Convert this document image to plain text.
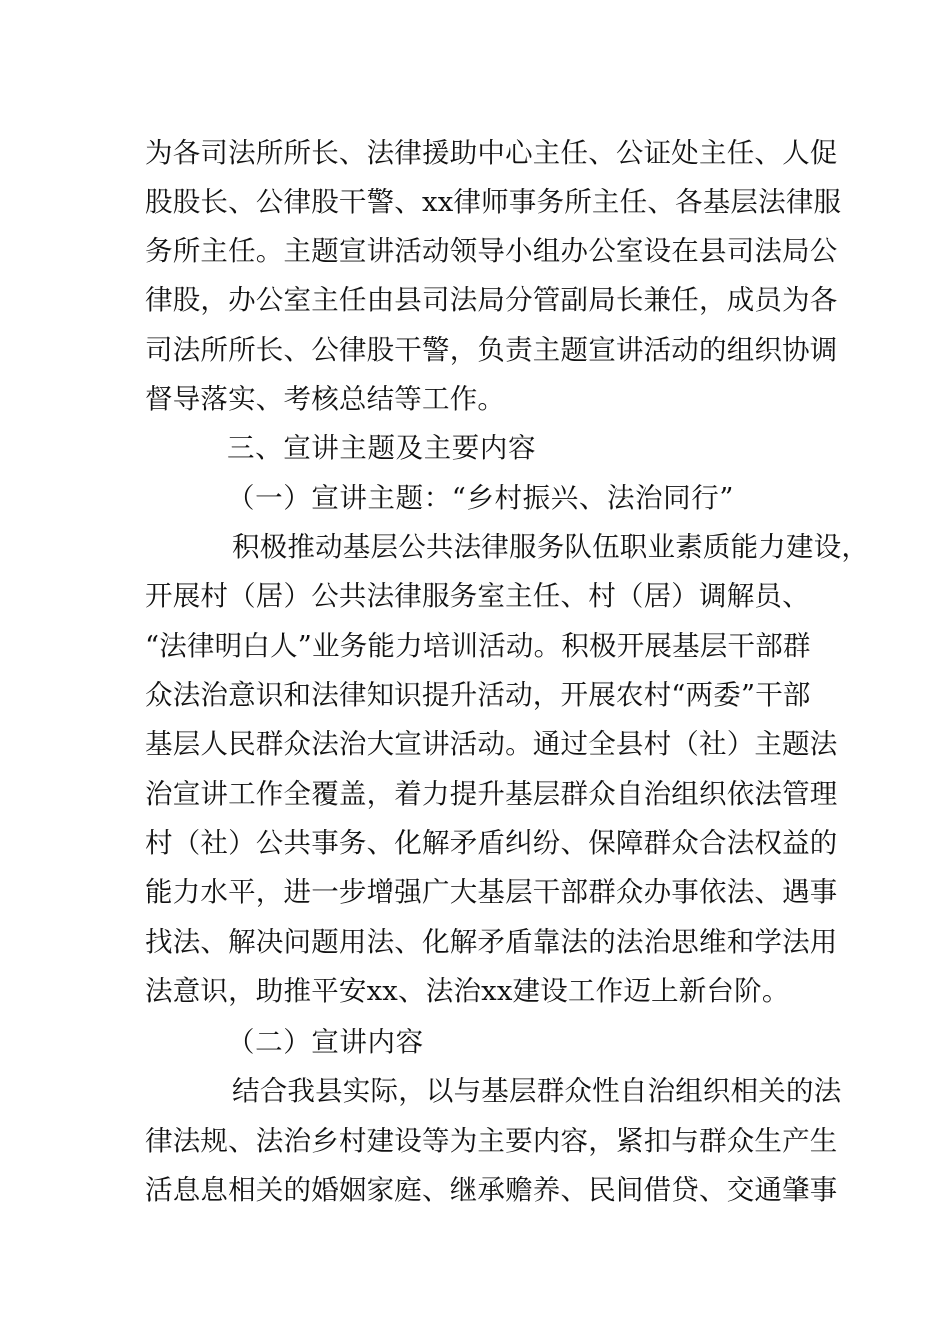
为各司法所所长、法律援助中心主任、公证处主任、人促
股股长、公律股干警、xx律师事务所主任、各基层法律服
务所主任。主题宣讲活动领导小组办公室设在县司法局公
律股，办公室主任由县司法局分管副局长兼任，成员为各
司法所所长、公律股干警，负责主题宣讲活动的组织协调
督导落实、考核总结等工作。
三、宣讲主题及主要内容
（一）宣讲主题：“乡村振兴、法治同行”
积极推动基层公共法律服务队伍职业素质能力建设，
开展村（居）公共法律服务室主任、村（居）调解员、
“法律明白人”业务能力培训活动。积极开展基层干部群
众法治意识和法律知识提升活动，开展农村“两委”干部
基层人民群众法治大宣讲活动。通过全县村（社）主题法
治宣讲工作全覆盖，着力提升基层群众自治组织依法管理
村（社）公共事务、化解矛盾纠纷、保障群众合法权益的
能力水平，进一步增强广大基层干部群众办事依法、遇事
找法、解决问题用法、化解矛盾靠法的法治思维和学法用
法意识，助推平安xx、法治xx建设工作迈上新台阶。
（二）宣讲内容
结合我县实际，以与基层群众性自治组织相关的法
律法规、法治乡村建设等为主要内容，紧扣与群众生产生
活息息相关的婚姻家庭、继承赡养、民间借贷、交通肇事
